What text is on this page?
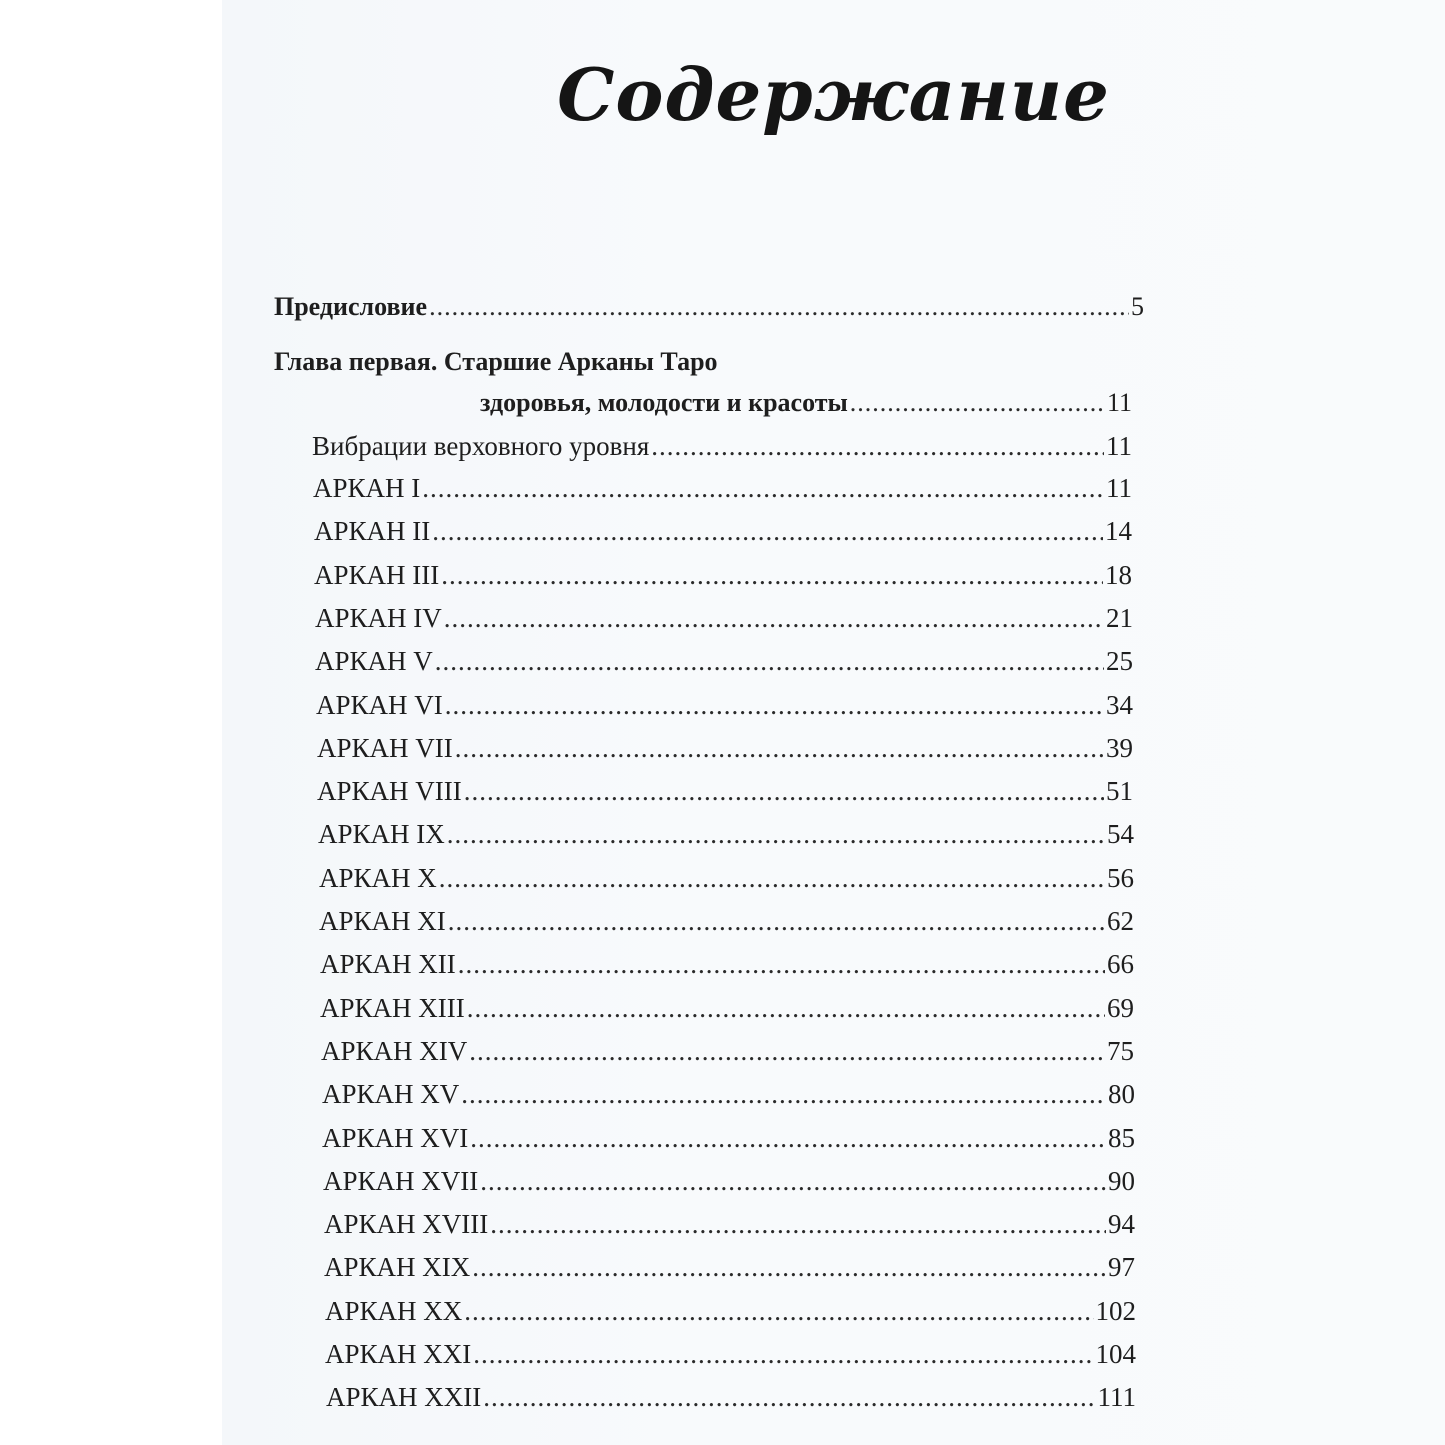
Содержание
Предисловие .....	5
Глава первая. Старшие Арканы Таро
здоровья, молодости и красоты .....	11
Вибрации верховного уровня .....	11
АРКАН I .....	11
АРКАН II .....	14
АРКАН III .....	18
АРКАН IV .....	21
АРКАН V .....	25
АРКАН VI .....	34
АРКАН VII .....	39
АРКАН VIII .....	51
АРКАН IX .....	54
АРКАН X .....	56
АРКАН XI .....	62
АРКАН XII .....	66
АРКАН XIII .....	69
АРКАН XIV .....	75
АРКАН XV .....	80
АРКАН XVI .....	85
АРКАН XVII .....	90
АРКАН XVIII .....	94
АРКАН XIX .....	97
АРКАН XX .....	102
АРКАН XXI .....	104
АРКАН XXII .....	111
